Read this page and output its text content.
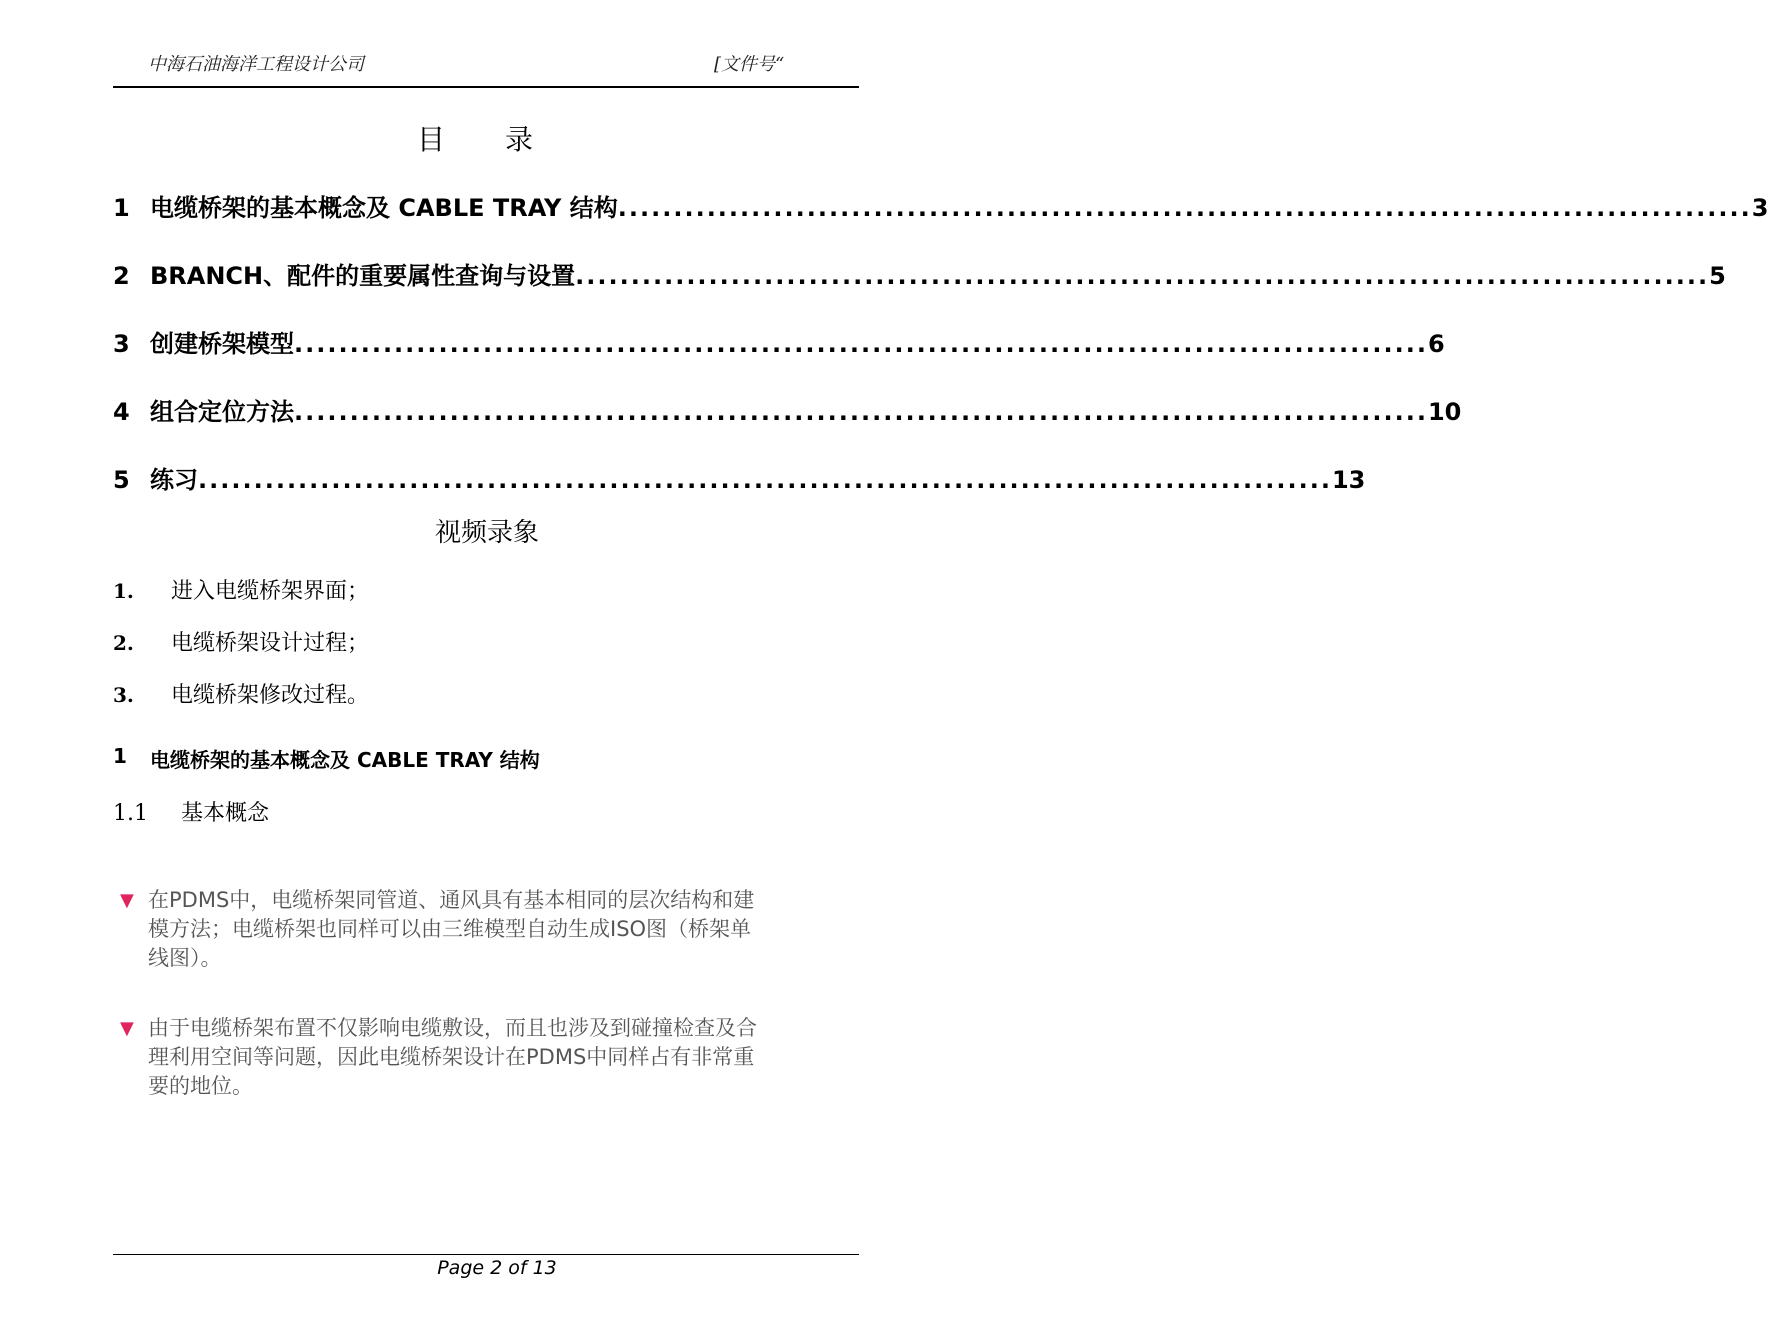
中海石油海洋工程设计公司	[文件号“
目录
1 电缆桥架的基本概念及 CABLE TRAY 结构 ...................................................................................................... 3
2 BRANCH、配件的重要属性查询与设置 ...................................................................................................... 5
3 创建桥架模型 ...................................................................................................... 6
4 组合定位方法 ...................................................................................................... 10
5 练习 ...................................................................................................... 13
视频录象
1.	进入电缆桥架界面；
2.	电缆桥架设计过程；
3.	电缆桥架修改过程。
1	电缆桥架的基本概念及 CABLE TRAY 结构
1.1	基本概念
▼ 在PDMS中，电缆桥架同管道、通风具有基本相同的层次结构和建模方法；电缆桥架也同样可以由三维模型自动生成ISO图（桥架单线图）。
▼ 由于电缆桥架布置不仅影响电缆敷设，而且也涉及到碰撞检查及合理利用空间等问题，因此电缆桥架设计在PDMS中同样占有非常重要的地位。
Page 2 of 13
